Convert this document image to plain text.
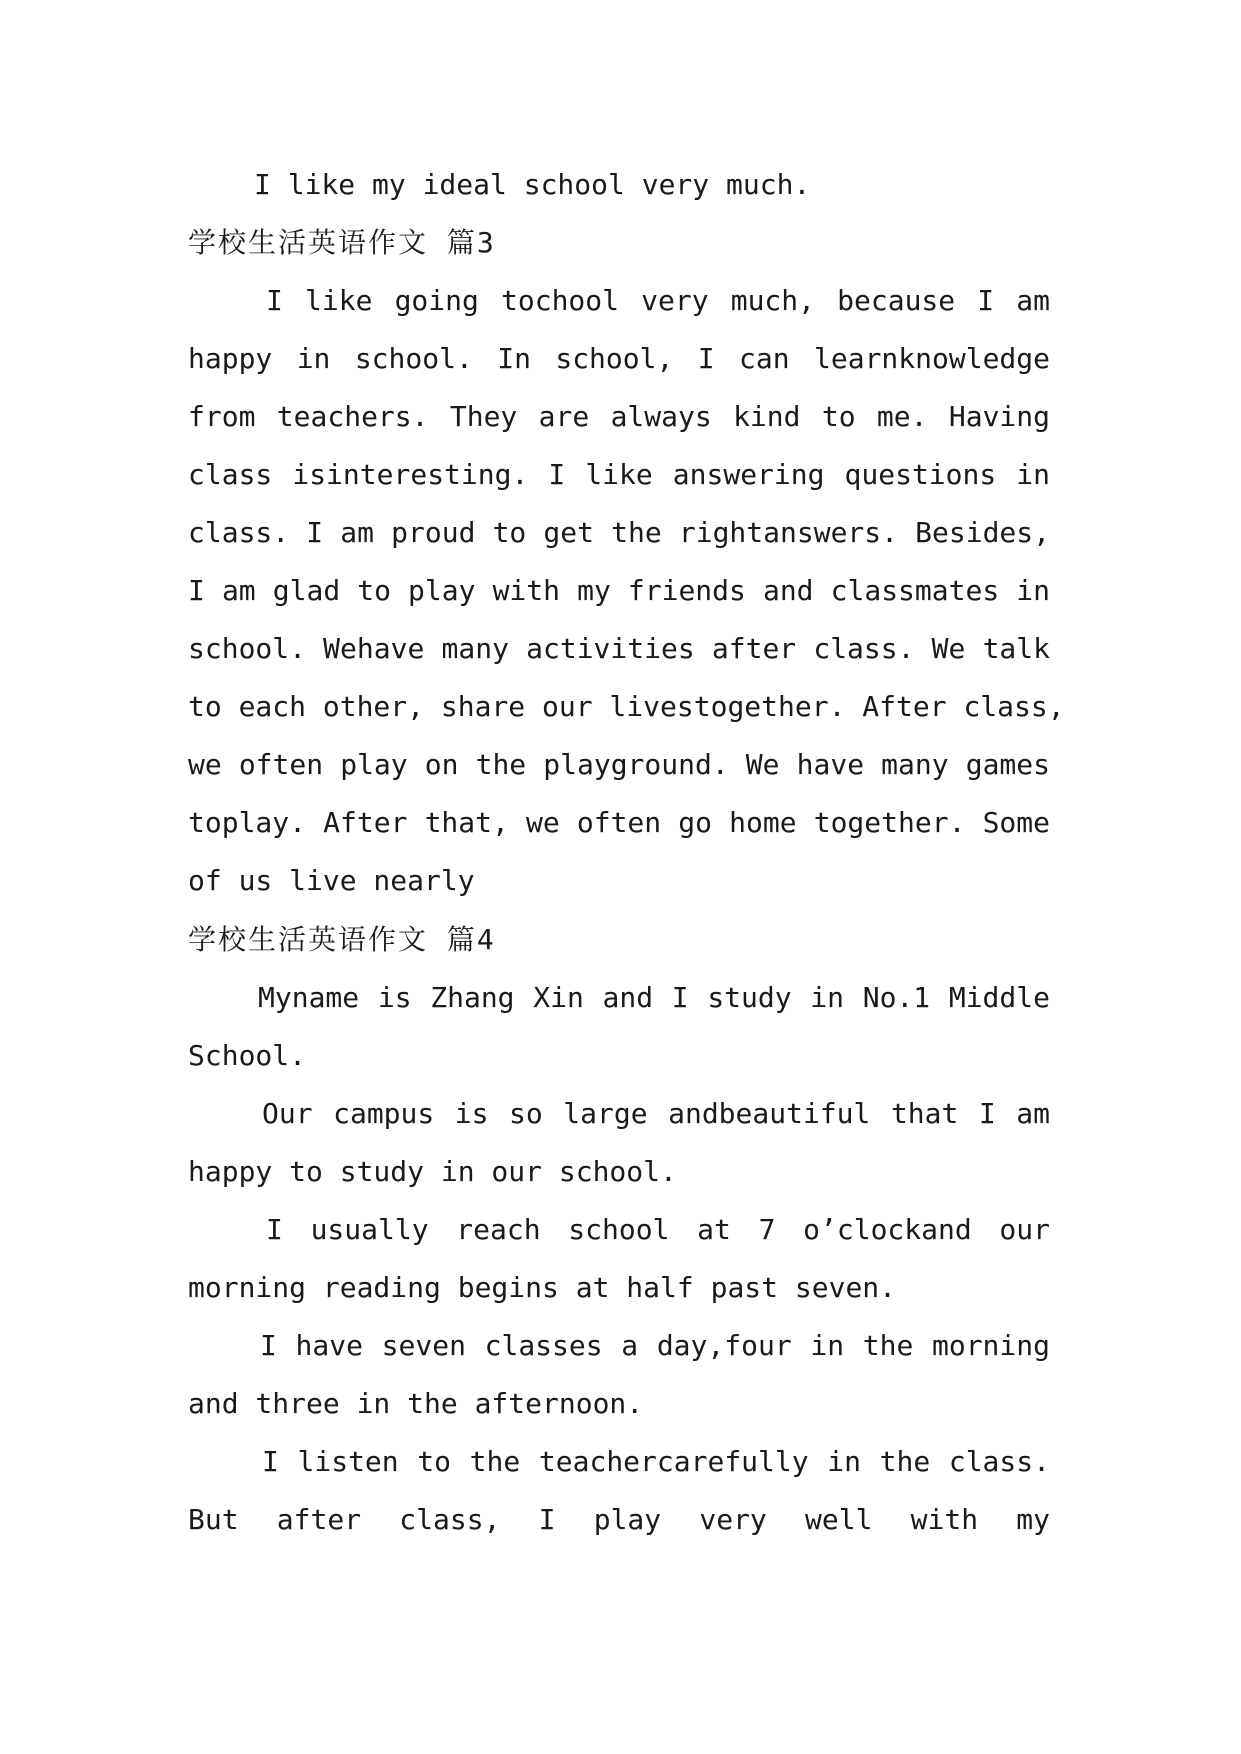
I like my ideal school very much.
学校生活英语作文 篇3
I like going tochool very much, because I am
happy in school. In school, I can learnknowledge
from teachers. They are always kind to me. Having
class isinteresting. I like answering questions in
class. I am proud to get the rightanswers. Besides,
I am glad to play with my friends and classmates in
school. Wehave many activities after class. We talk
to each other, share our livestogether. After class,
we often play on the playground. We have many games
toplay. After that, we often go home together. Some
of us live nearly
学校生活英语作文 篇4
Myname is Zhang Xin and I study in No.1 Middle
School.
Our campus is so large andbeautiful that I am
happy to study in our school.
I usually reach school at 7 o’clockand our
morning reading begins at half past seven.
I have seven classes a day,four in the morning
and three in the afternoon.
I listen to the teachercarefully in the class.
But after class, I play very well with my
